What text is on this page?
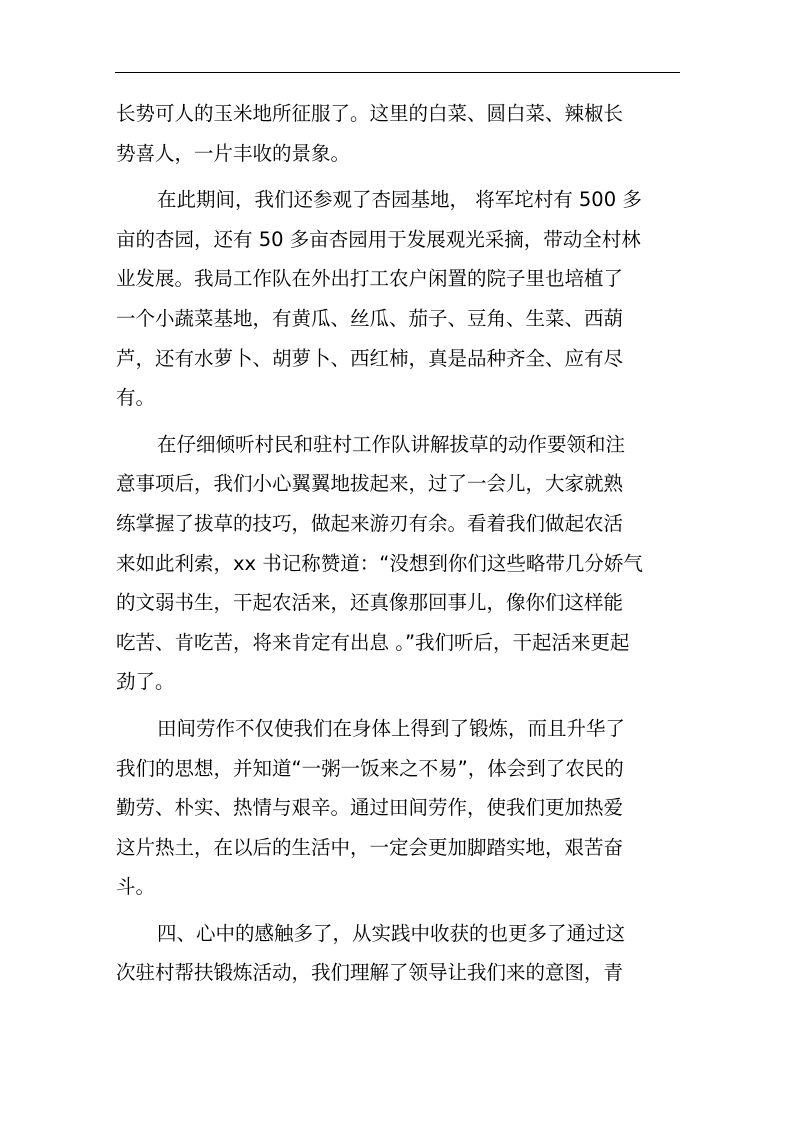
长势可人的玉米地所征服了。这里的白菜、圆白菜、辣椒长
势喜人，一片丰收的景象。
在此期间，我们还参观了杏园基地， 将军坨村有 500 多
亩的杏园，还有 50 多亩杏园用于发展观光采摘，带动全村林
业发展。我局工作队在外出打工农户闲置的院子里也培植了
一个小蔬菜基地，有黄瓜、丝瓜、茄子、豆角、生菜、西葫
芦，还有水萝卜、胡萝卜、西红柿，真是品种齐全、应有尽
有。
在仔细倾听村民和驻村工作队讲解拔草的动作要领和注
意事项后，我们小心翼翼地拔起来，过了一会儿，大家就熟
练掌握了拔草的技巧，做起来游刃有余。看着我们做起农活
来如此利索，xx 书记称赞道：“没想到你们这些略带几分娇气
的文弱书生，干起农活来，还真像那回事儿，像你们这样能
吃苦、肯吃苦，将来肯定有出息 。”我们听后，干起活来更起
劲了。
田间劳作不仅使我们在身体上得到了锻炼，而且升华了
我们的思想，并知道“一粥一饭来之不易”，体会到了农民的
勤劳、朴实、热情与艰辛。通过田间劳作，使我们更加热爱
这片热土，在以后的生活中，一定会更加脚踏实地，艰苦奋
斗。
四、心中的感触多了，从实践中收获的也更多了通过这
次驻村帮扶锻炼活动，我们理解了领导让我们来的意图，青
